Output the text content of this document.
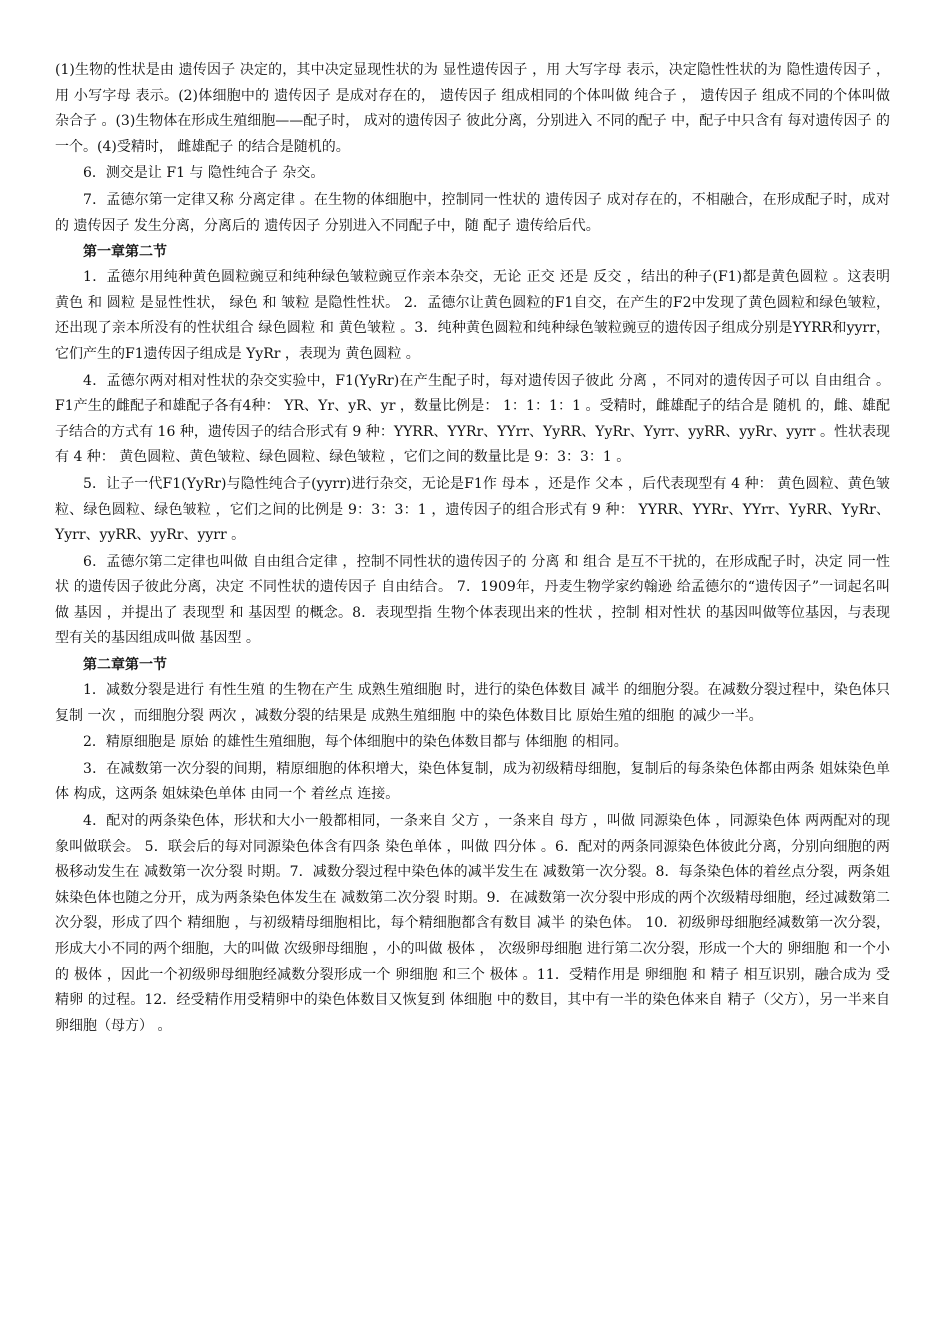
(1)生物的性状是由 遗传因子 决定的，其中决定显现性状的为 显性遗传因子 ，用 大写字母 表示，决定隐性性状的为 隐性遗传因子 ，用 小写字母 表示。(2)体细胞中的 遗传因子 是成对存在的， 遗传因子 组成相同的个体叫做 纯合子 ， 遗传因子 组成不同的个体叫做 杂合子 。(3)生物体在形成生殖细胞——配子时， 成对的遗传因子 彼此分离，分别进入 不同的配子 中，配子中只含有 每对遗传因子 的一个。(4)受精时， 雌雄配子 的结合是随机的。

6．测交是让 F1 与 隐性纯合子 杂交。

7．孟德尔第一定律又称 分离定律 。在生物的体细胞中，控制同一性状的 遗传因子 成对存在的，不相融合，在形成配子时，成对的 遗传因子 发生分离，分离后的 遗传因子 分别进入不同配子中，随 配子 遗传给后代。

第一章第二节

1．孟德尔用纯种黄色圆粒豌豆和纯种绿色皱粒豌豆作亲本杂交，无论 正交 还是 反交 ，结出的种子(F1)都是黄色圆粒 。这表明 黄色 和 圆粒 是显性性状， 绿色 和 皱粒 是隐性性状。 2．孟德尔让黄色圆粒的F1自交，在产生的F2中发现了黄色圆粒和绿色皱粒，还出现了亲本所没有的性状组合 绿色圆粒 和 黄色皱粒 。3．纯种黄色圆粒和纯种绿色皱粒豌豆的遗传因子组成分别是YYRR和yyrr，它们产生的F1遗传因子组成是 YyRr ，表现为 黄色圆粒 。

4．孟德尔两对相对性状的杂交实验中，F1(YyRr)在产生配子时，每对遗传因子彼此 分离 ，不同对的遗传因子可以 自由组合 。F1产生的雌配子和雄配子各有4种： YR、Yr、yR、yr ，数量比例是： 1：1：1：1 。受精时，雌雄配子的结合是 随机 的，雌、雄配子结合的方式有 16 种，遗传因子的结合形式有 9 种：YYRR、YYRr、YYrr、YyRR、YyRr、Yyrr、yyRR、yyRr、yyrr 。性状表现有 4 种： 黄色圆粒、黄色皱粒、绿色圆粒、绿色皱粒 ，它们之间的数量比是 9：3：3：1 。

5．让子一代F1(YyRr)与隐性纯合子(yyrr)进行杂交，无论是F1作 母本 ，还是作 父本 ，后代表现型有 4 种： 黄色圆粒、黄色皱粒、绿色圆粒、绿色皱粒 ，它们之间的比例是 9：3：3：1 ，遗传因子的组合形式有 9 种： YYRR、YYRr、YYrr、YyRR、YyRr、Yyrr、yyRR、yyRr、yyrr 。

6．孟德尔第二定律也叫做 自由组合定律 ，控制不同性状的遗传因子的 分离 和 组合 是互不干扰的，在形成配子时，决定 同一性状 的遗传因子彼此分离，决定 不同性状的遗传因子 自由结合。 7．1909年，丹麦生物学家约翰逊 给孟德尔的“遗传因子”一词起名叫做 基因 ，并提出了 表现型 和 基因型 的概念。8．表现型指 生物个体表现出来的性状 ，控制 相对性状 的基因叫做等位基因，与表现型有关的基因组成叫做 基因型 。

第二章第一节

1．减数分裂是进行 有性生殖 的生物在产生 成熟生殖细胞 时，进行的染色体数目 减半 的细胞分裂。在减数分裂过程中，染色体只复制 一次 ，而细胞分裂 两次 ，减数分裂的结果是 成熟生殖细胞 中的染色体数目比 原始生殖的细胞 的减少一半。

2．精原细胞是 原始 的雄性生殖细胞，每个体细胞中的染色体数目都与 体细胞 的相同。

3．在减数第一次分裂的间期，精原细胞的体积增大，染色体复制，成为初级精母细胞，复制后的每条染色体都由两条 姐妹染色单体 构成，这两条 姐妹染色单体 由同一个 着丝点 连接。

4．配对的两条染色体，形状和大小一般都相同，一条来自 父方 ，一条来自 母方 ，叫做 同源染色体 ，同源染色体 两两配对的现象叫做联会。 5．联会后的每对同源染色体含有四条 染色单体 ，叫做 四分体 。6．配对的两条同源染色体彼此分离，分别向细胞的两极移动发生在 减数第一次分裂 时期。7．减数分裂过程中染色体的减半发生在 减数第一次分裂。8．每条染色体的着丝点分裂，两条姐妹染色体也随之分开，成为两条染色体发生在 减数第二次分裂 时期。9．在减数第一次分裂中形成的两个次级精母细胞，经过减数第二次分裂，形成了四个 精细胞 ，与初级精母细胞相比，每个精细胞都含有数目 减半 的染色体。 10．初级卵母细胞经减数第一次分裂，形成大小不同的两个细胞，大的叫做 次级卵母细胞 ，小的叫做 极体 ， 次级卵母细胞 进行第二次分裂，形成一个大的 卵细胞 和一个小的 极体 ，因此一个初级卵母细胞经减数分裂形成一个 卵细胞 和三个 极体 。11．受精作用是 卵细胞 和 精子 相互识别，融合成为 受精卵 的过程。12．经受精作用受精卵中的染色体数目又恢复到 体细胞 中的数目，其中有一半的染色体来自 精子（父方），另一半来自 卵细胞（母方） 。
